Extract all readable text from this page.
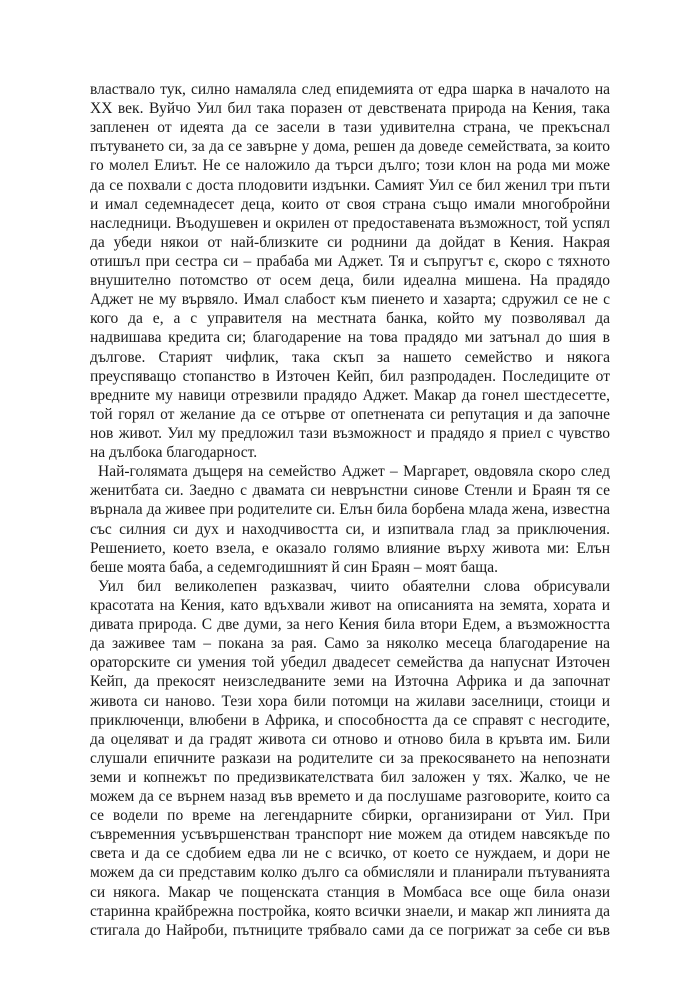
властвало тук, силно намаляла след епидемията от едра шарка в началото на
XX век. Вуйчо Уил бил така поразен от девствената природа на Кения, така
запленен от идеята да се засели в тази удивителна страна, че прекъснал
пътуването си, за да се завърне у дома, решен да доведе семействата, за които
го молел Елиът. Не се наложило да търси дълго; този клон на рода ми може
да се похвали с доста плодовити издънки. Самият Уил се бил женил три пъти
и имал седемнадесет деца, които от своя страна също имали многобройни
наследници. Въодушевен и окрилен от предоставената възможност, той успял
да убеди някои от най-близките си роднини да дойдат в Кения. Накрая
отишъл при сестра си – прабаба ми Аджет. Тя и съпругът є, скоро с тяхното
внушително потомство от осем деца, били идеална мишена. На прадядо
Аджет не му вървяло. Имал слабост към пиенето и хазарта; сдружил се не с
кого да е, а с управителя на местната банка, който му позволявал да
надвишава кредита си; благодарение на това прадядо ми затънал до шия в
дългове. Старият чифлик, така скъп за нашето семейство и някога
преуспяващо стопанство в Източен Кейп, бил разпродаден. Последиците от
вредните му навици отрезвили прадядо Аджет. Макар да гонел шестдесетте,
той горял от желание да се отърве от опетнената си репутация и да започне
нов живот. Уил му предложил тази възможност и прадядо я приел с чувство
на дълбока благодарност.
Най-голямата дъщеря на семейство Аджет – Маргарет, овдовяла скоро след
женитбата си. Заедно с двамата си неврънстни синове Стенли и Браян тя се
върнала да живее при родителите си. Елън била борбена млада жена, известна
със силния си дух и находчивостта си, и изпитвала глад за приключения.
Решението, което взела, е оказало голямо влияние върху живота ми: Елън
беше моята баба, а седемгодишният й син Браян – моят баща.
Уил бил великолепен разказвач, чиито обаятелни слова обрисували
красотата на Кения, като вдъхвали живот на описанията на земята, хората и
дивата природа. С две думи, за него Кения била втори Едем, а възможността
да заживее там – покана за рая. Само за няколко месеца благодарение на
ораторските си умения той убедил двадесет семейства да напуснат Източен
Кейп, да прекосят неизследваните земи на Източна Африка и да започнат
живота си наново. Тези хора били потомци на жилави заселници, стоици и
приключенци, влюбени в Африка, и способността да се справят с несгодите,
да оцеляват и да градят живота си отново и отново била в кръвта им. Били
слушали епичните разкази на родителите си за прекосяването на непознати
земи и копнежът по предизвикателствата бил заложен у тях. Жалко, че не
можем да се върнем назад във времето и да послушаме разговорите, които са
се водели по време на легендарните сбирки, организирани от Уил. При
съвременния усъвършенстван транспорт ние можем да отидем навсякъде по
света и да се сдобием едва ли не с всичко, от което се нуждаем, и дори не
можем да си представим колко дълго са обмисляли и планирали пътуванията
си някога. Макар че пощенската станция в Момбаса все още била онази
старинна крайбрежна постройка, която всички знаели, и макар жп линията да
стигала до Найроби, пътниците трябвало сами да се погрижат за себе си във
